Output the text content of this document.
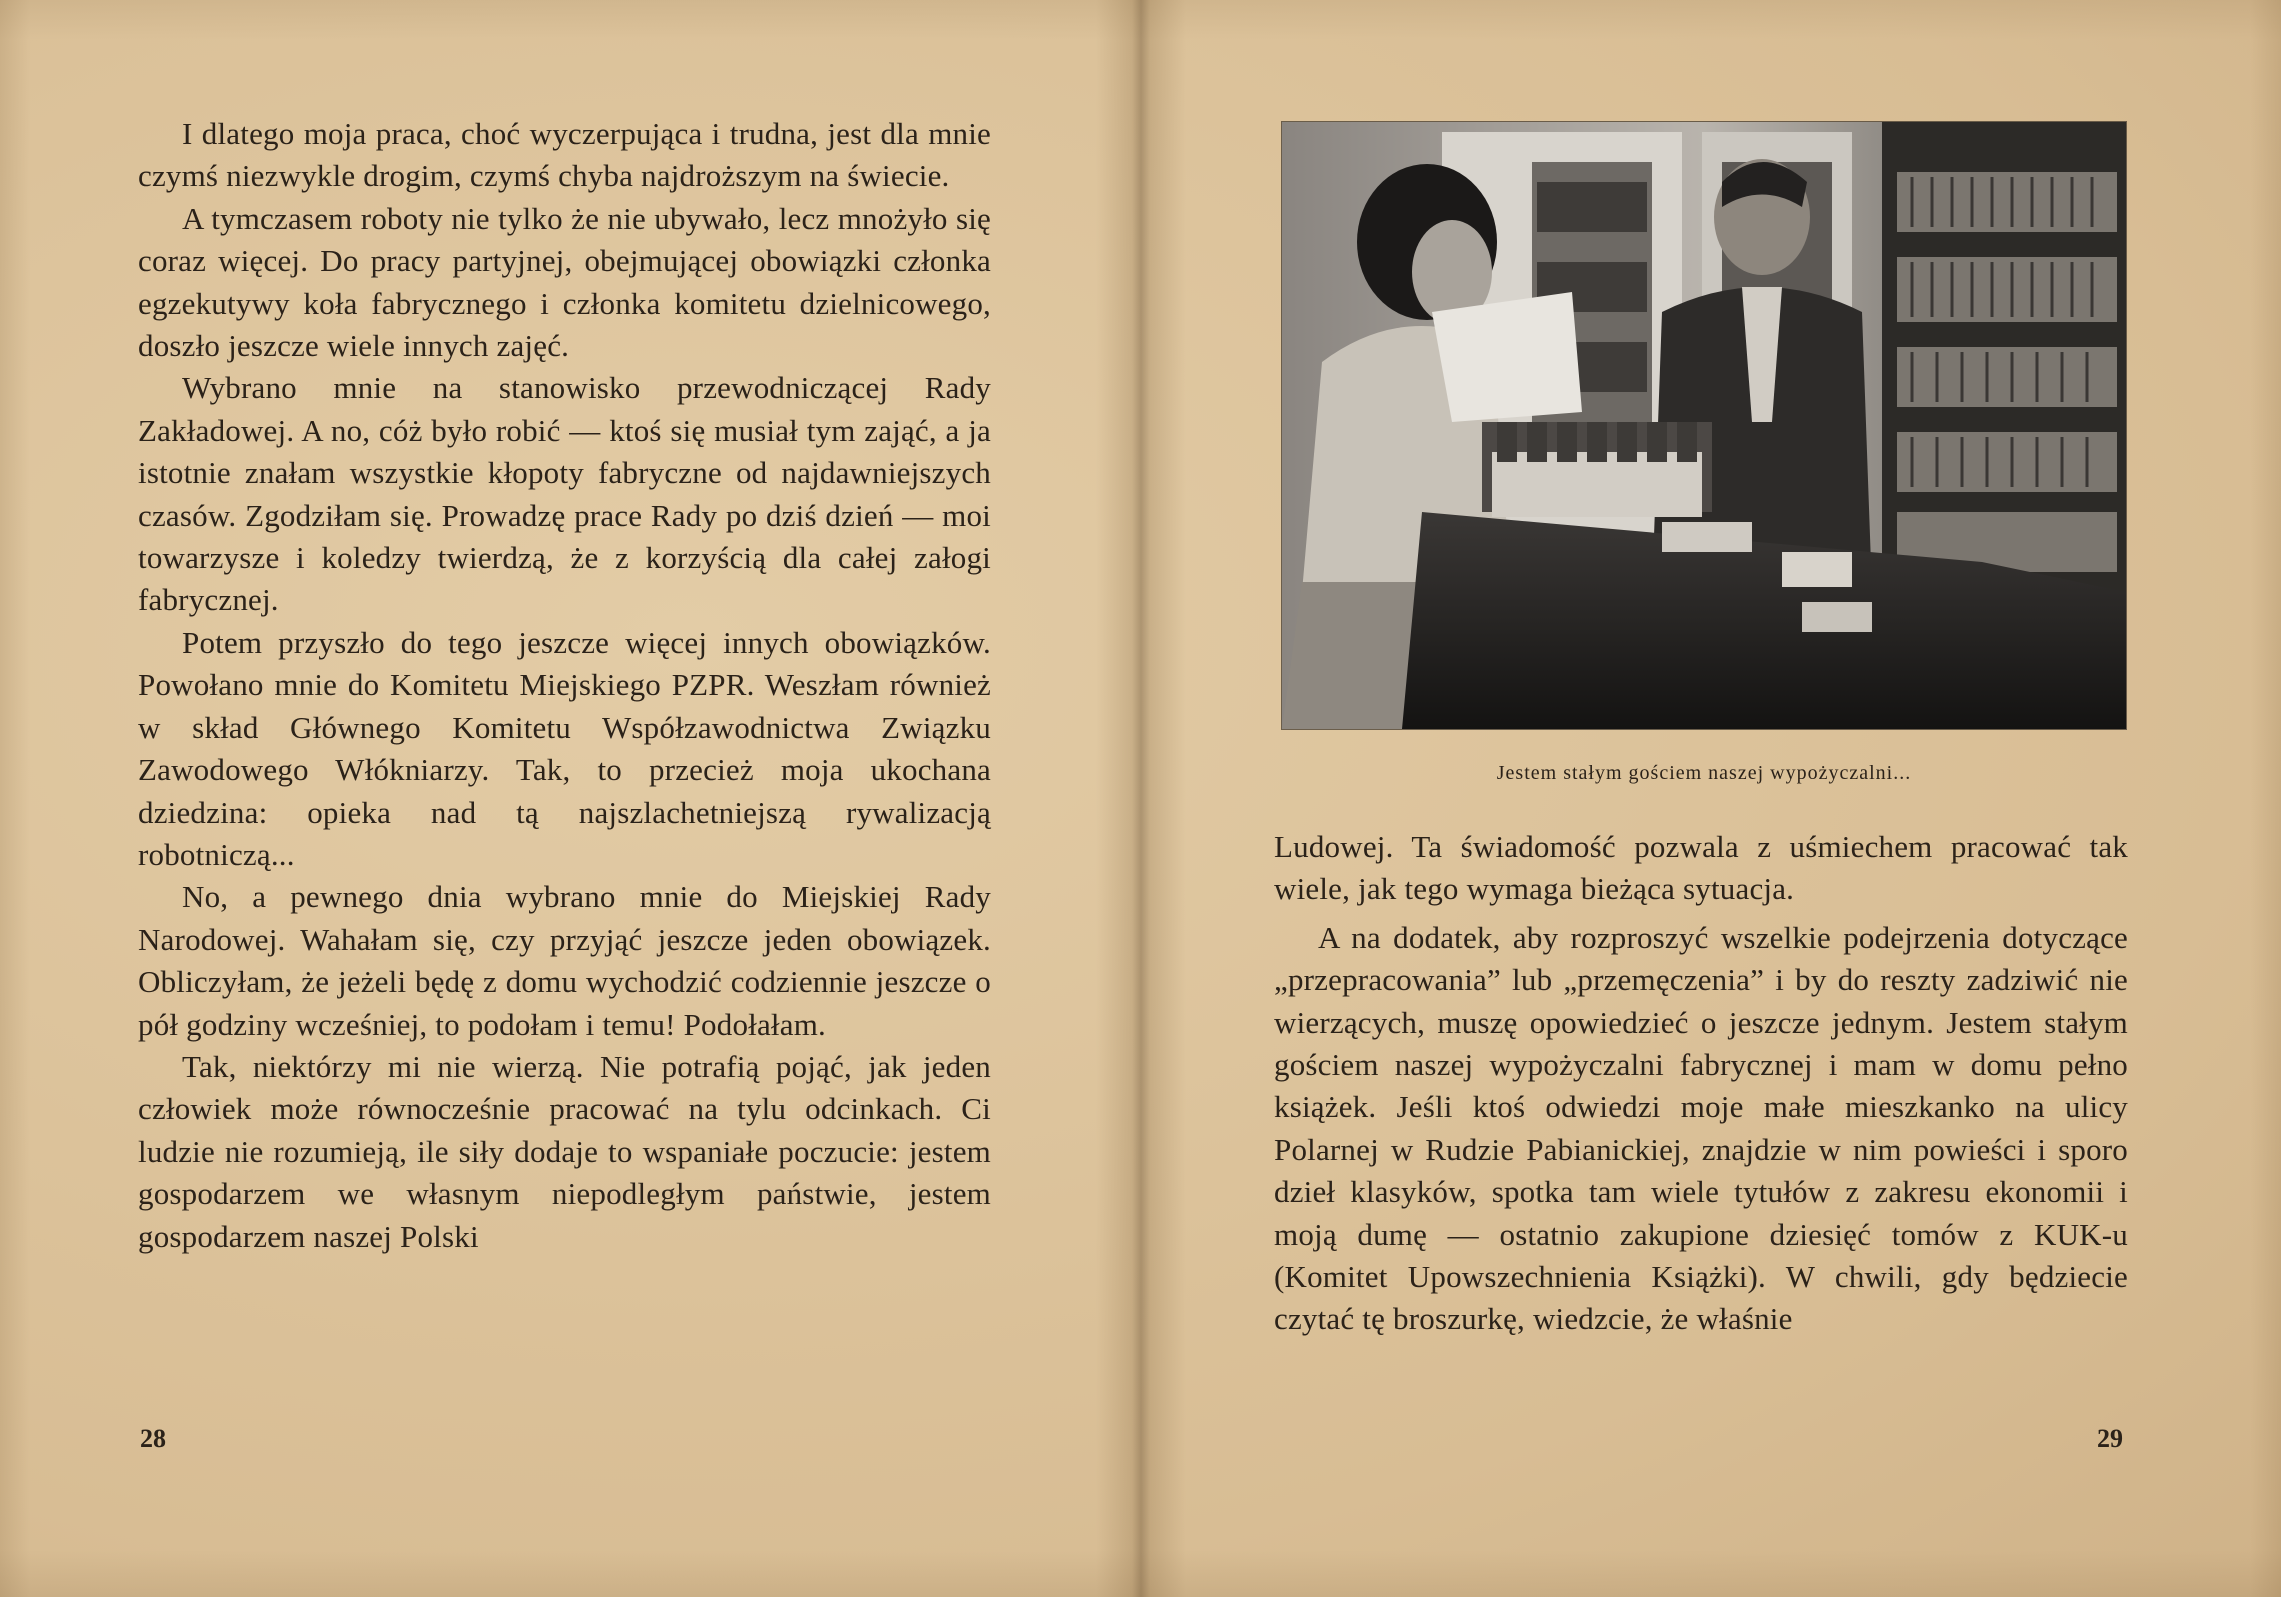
I dlatego moja praca, choć wyczerpująca i trudna, jest dla mnie czymś niezwykle drogim, czymś chyba najdroższym na świecie.

A tymczasem roboty nie tylko że nie ubywało, lecz mnożyło się coraz więcej. Do pracy partyjnej, obejmującej obowiązki członka egzekutywy koła fabrycznego i członka komitetu dzielnicowego, doszło jeszcze wiele innych zajęć.

Wybrano mnie na stanowisko przewodniczącej Rady Zakładowej. A no, cóż było robić — ktoś się musiał tym zająć, a ja istotnie znałam wszystkie kłopoty fabryczne od najdawniejszych czasów. Zgodziłam się. Prowadzę prace Rady po dziś dzień — moi towarzysze i koledzy twierdzą, że z korzyścią dla całej załogi fabrycznej.

Potem przyszło do tego jeszcze więcej innych obowiązków. Powołano mnie do Komitetu Miejskiego PZPR. Weszłam również w skład Głównego Komitetu Współzawodnictwa Związku Zawodowego Włókniarzy. Tak, to przecież moja ukochana dziedzina: opieka nad tą najszlachetniejszą rywalizacją robotniczą...

No, a pewnego dnia wybrano mnie do Miejskiej Rady Narodowej. Wahałam się, czy przyjąć jeszcze jeden obowiązek. Obliczyłam, że jeżeli będę z domu wychodzić codziennie jeszcze o pół godziny wcześniej, to podołam i temu! Podołałam.

Tak, niektórzy mi nie wierzą. Nie potrafią pojąć, jak jeden człowiek może równocześnie pracować na tylu odcinkach. Ci ludzie nie rozumieją, ile siły dodaje to wspaniałe poczucie: jestem gospodarzem we własnym niepodległym państwie, jestem gospodarzem naszej Polski

28
Jestem stałym gościem naszej wypożyczalni...

Ludowej. Ta świadomość pozwala z uśmiechem pracować tak wiele, jak tego wymaga bieżąca sytuacja.

A na dodatek, aby rozproszyć wszelkie podejrzenia dotyczące „przepracowania” lub „przemęczenia” i by do reszty zadziwić nie wierzących, muszę opowiedzieć o jeszcze jednym. Jestem stałym gościem naszej wypożyczalni fabrycznej i mam w domu pełno książek. Jeśli ktoś odwiedzi moje małe mieszkanko na ulicy Polarnej w Rudzie Pabianickiej, znajdzie w nim powieści i sporo dzieł klasyków, spotka tam wiele tytułów z zakresu ekonomii i moją dumę — ostatnio zakupione dziesięć tomów z KUK-u (Komitet Upowszechnienia Książki). W chwili, gdy będziecie czytać tę broszurkę, wiedzcie, że właśnie

29
